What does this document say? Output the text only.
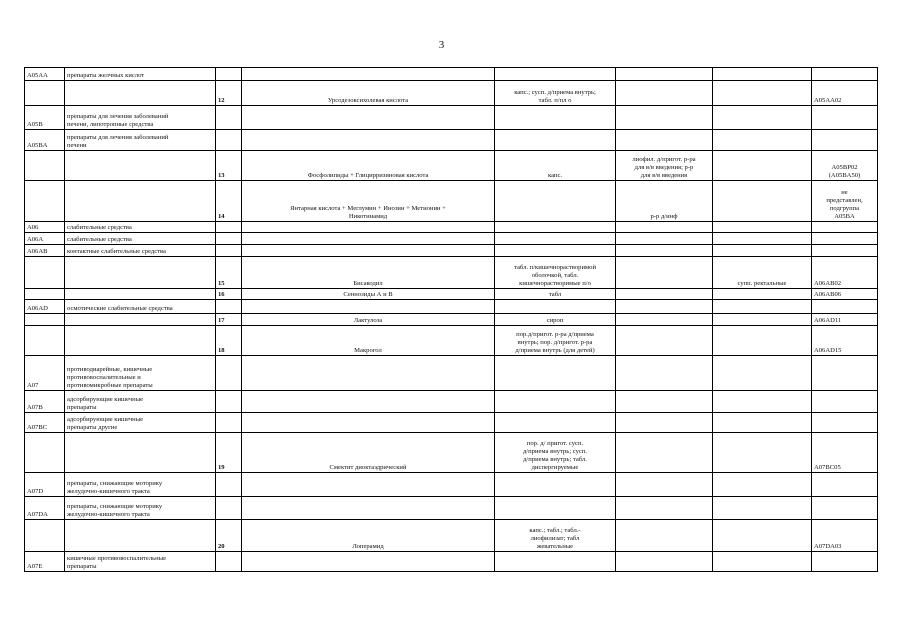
3
A05AA	препараты желчных кислот						

		12	Урсодезоксихолевая кислота	капс.; сусп. д/приема внутрь;
табл. п/пл о			A05AA02

A05B	препараты для лечения заболеваний
печени, липотропные средства						

A05BA	препараты для лечения заболеваний
печени						

		13	Фосфолипиды + Глицирризиновая кислота	капс.	лиофил. д/пригот. р-ра
для в/в введения; р-р
для в/в введения		A05BP02
(A05BA50)

		14	Янтарная кислота + Меглумин + Инозин + Метионин +
Никотинамид		р-р д/инф		не
представлен,
подгруппа
A05BA

A06	слабительные средства						

A06A	слабительные средства						

A06AB	контактные слабительные средства						

		15	Бисакодил	табл. п/кишечнорастворимой
оболочкой, табл.
кишечнорастворимые п/о		супп. ректальные	A06AB02

		16	Сеннозиды А и В	табл			A06AB06

A06AD	осмотические слабительные средства						

		17	Лактулоза	сироп			A06AD11

		18	Макрогол	пор.д/пригот. р-ра д/приема
внутрь; пор. д/пригот. р-ра
д/приема внутрь (для детей)			A06AD15

A07	противодиарейные, кишечные
противовоспалительные и
противомикробные препараты						

A07B	адсорбирующие кишечные
препараты						

A07BC	адсорбирующие кишечные
препараты другие						

		19	Смектит диоктаэдрический	пор. д/ пригот. сусп.
д/приема внутрь; сусп.
д/приема внутрь; табл.
диспергируемые			A07BC05

A07D	препараты, снижающие моторику
желудочно-кишечного тракта						

A07DA	препараты, снижающие моторику
желудочно-кишечного тракта						

		20	Лоперамид	капс.; табл.; табл.-
лиофилизат; табл
жевательные			A07DA03

A07E	кишечные противовоспалительные
препараты						
